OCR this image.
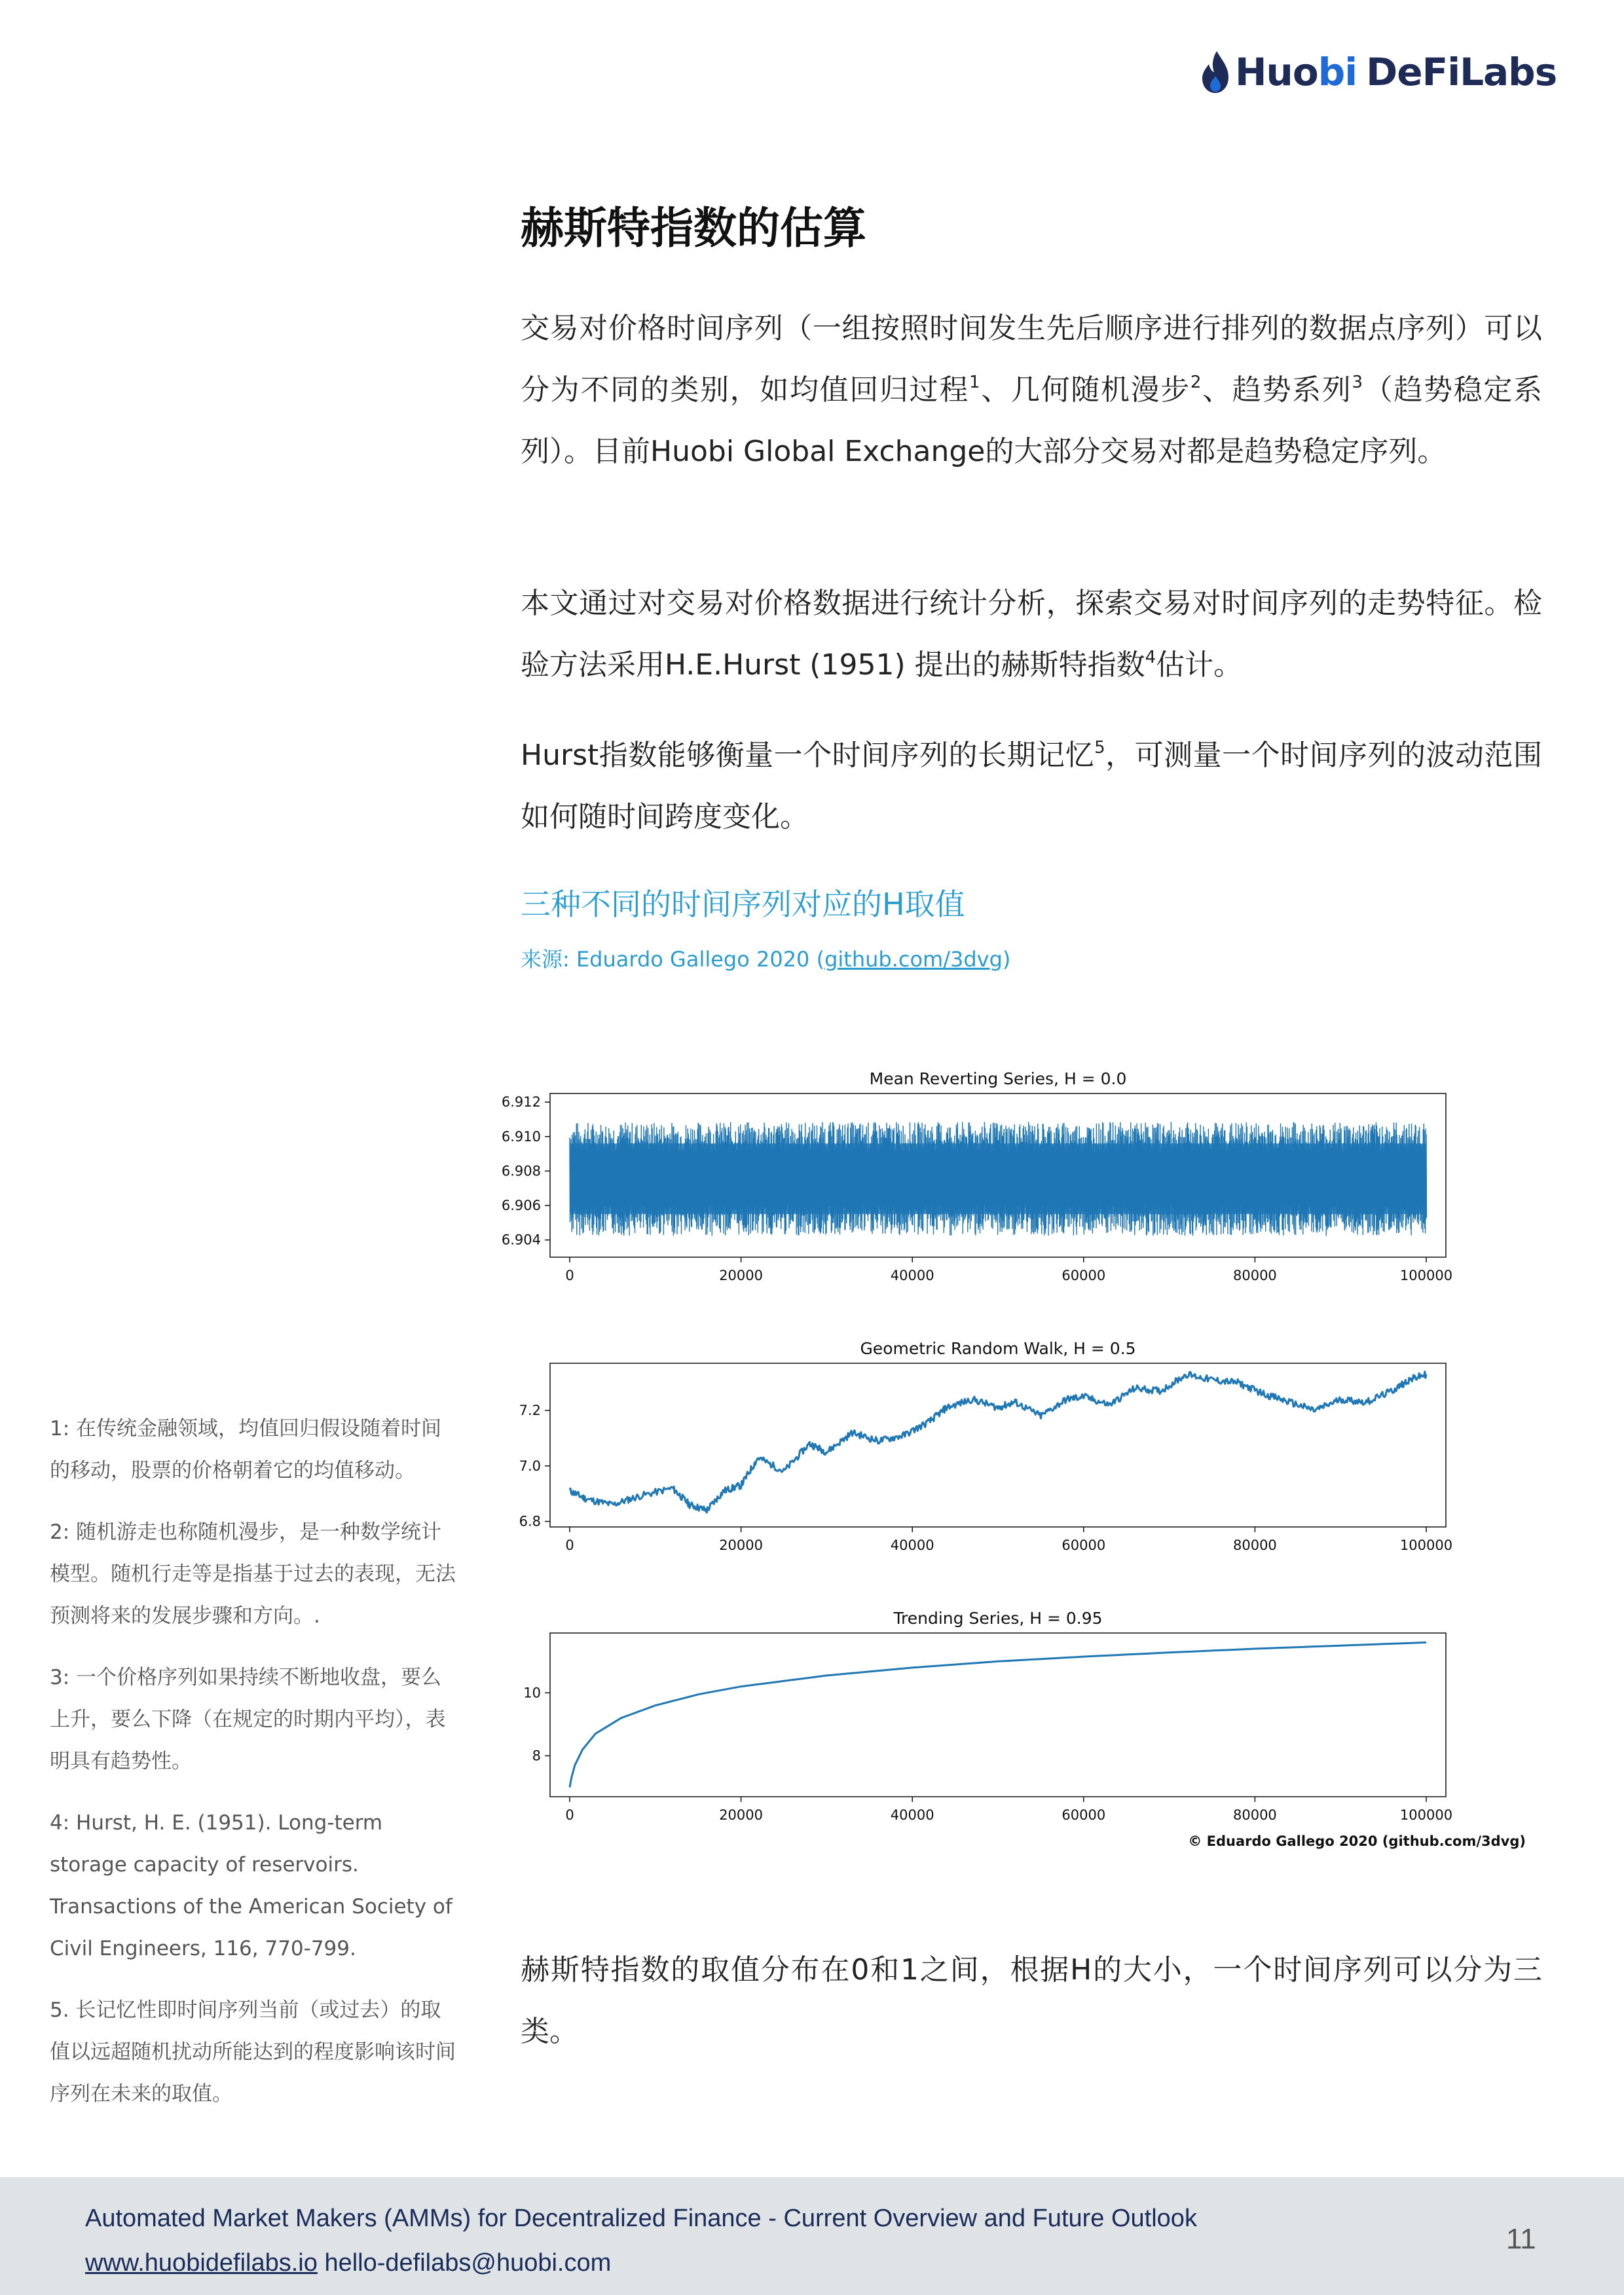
Huo bi DeFiLabs
赫斯特指数的估算

交易对价格时间序列（一组按照时间发生先后顺序进行排列的数据点序列）可以分为不同的类别，如均值回归过程$^1$、几何随机漫步$^2$、趋势系列$^3$（趋势稳定系列）。目前Huobi Global Exchange的大部分交易对都是趋势稳定序列。

本文通过对交易对价格数据进行统计分析，探索交易对时间序列的走势特征。检验方法采用H.E.Hurst (1951) 提出的赫斯特指数$^4$估计。

Hurst指数能够衡量一个时间序列的长期记忆$^5$，可测量一个时间序列的波动范围如何随时间跨度变化。

三种不同的时间序列对应的H取值

来源: Eduardo Gallego 2020 (github.com/3dvg)

Mean Reverting Series, H = 0.0
0	20000	40000	60000	80000	100000
6.912
6.910
6.908
6.906
6.904
Geometric Random Walk, H = 0.5
0	20000	40000	60000	80000	100000
7.2
7.0
6.8
Trending Series, H = 0.95
0	20000	40000	60000	80000	100000
10
8
© Eduardo Gallego 2020 (github.com/3dvg)

赫斯特指数的取值分布在0和1之间，根据H的大小，一个时间序列可以分为三类。

1: 在传统金融领域，均值回归假设随着时间的移动，股票的价格朝着它的均值移动。

2: 随机游走也称随机漫步，是一种数学统计模型。随机行走等是指基于过去的表现，无法预测将来的发展步骤和方向。.

3: 一个价格序列如果持续不断地收盘，要么上升，要么下降（在规定的时期内平均），表明具有趋势性。

4: Hurst, H. E. (1951). Long-term storage capacity of reservoirs. Transactions of the American Society of Civil Engineers, 116, 770-799.

5. 长记忆性即时间序列当前（或过去）的取值以远超随机扰动所能达到的程度影响该时间序列在未来的取值。

Automated Market Makers (AMMs) for Decentralized Finance - Current Overview and Future Outlook
www.huobidefilabs.io hello-defilabs@huobi.com
11
